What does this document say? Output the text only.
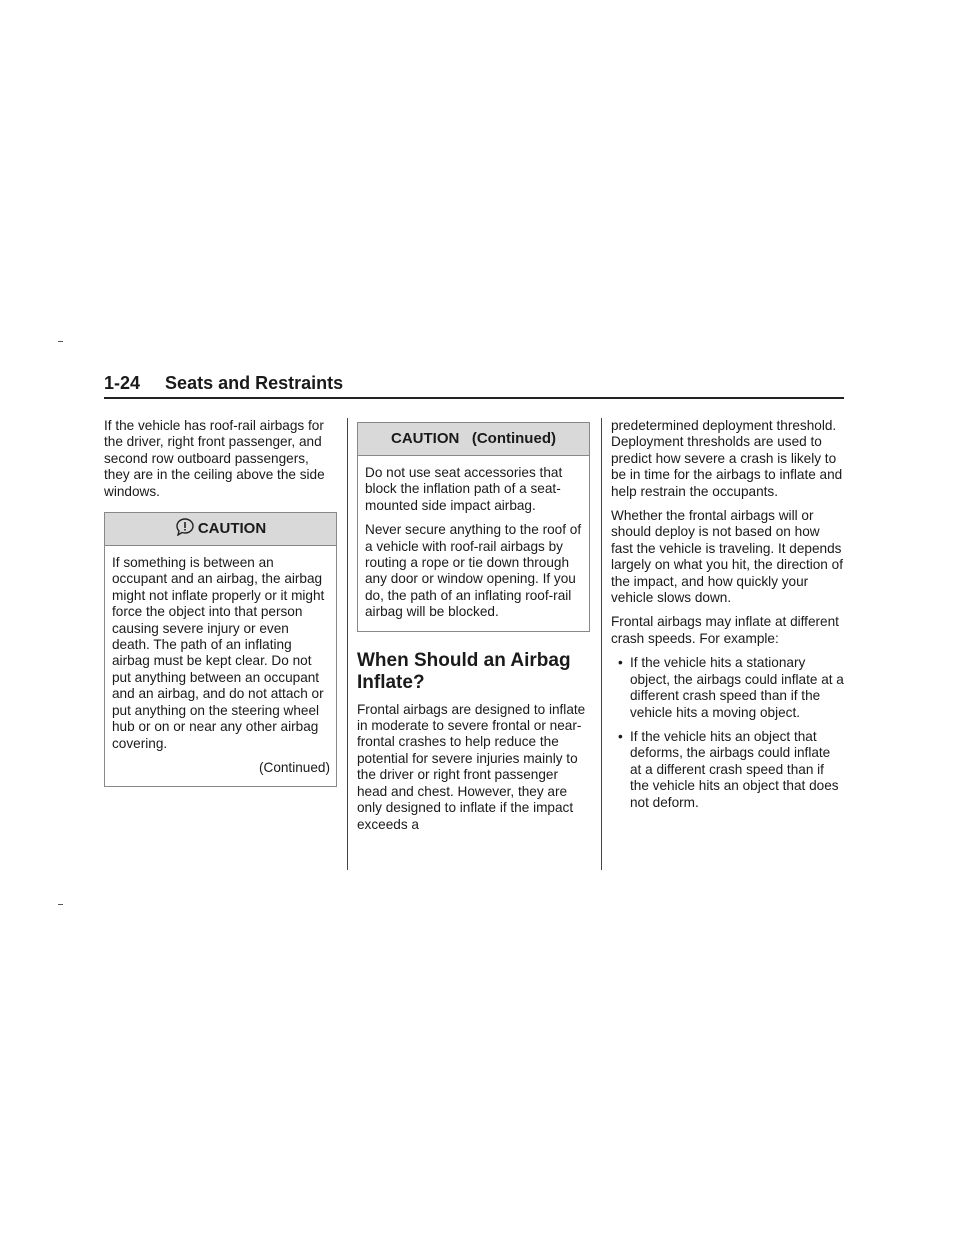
1-24 Seats and Restraints

If the vehicle has roof-rail airbags for the driver, right front passenger, and second row outboard passengers, they are in the ceiling above the side windows.

CAUTION

If something is between an occupant and an airbag, the airbag might not inflate properly or it might force the object into that person causing severe injury or even death. The path of an inflating airbag must be kept clear. Do not put anything between an occupant and an airbag, and do not attach or put anything on the steering wheel hub or on or near any other airbag covering.

(Continued)
CAUTION   (Continued)

Do not use seat accessories that block the inflation path of a seat-mounted side impact airbag.

Never secure anything to the roof of a vehicle with roof-rail airbags by routing a rope or tie down through any door or window opening. If you do, the path of an inflating roof-rail airbag will be blocked.

When Should an Airbag Inflate?

Frontal airbags are designed to inflate in moderate to severe frontal or near-frontal crashes to help reduce the potential for severe injuries mainly to the driver or right front passenger head and chest. However, they are only designed to inflate if the impact exceeds a

predetermined deployment threshold. Deployment thresholds are used to predict how severe a crash is likely to be in time for the airbags to inflate and help restrain the occupants.

Whether the frontal airbags will or should deploy is not based on how fast the vehicle is traveling. It depends largely on what you hit, the direction of the impact, and how quickly your vehicle slows down.

Frontal airbags may inflate at different crash speeds. For example:

• If the vehicle hits a stationary object, the airbags could inflate at a different crash speed than if the vehicle hits a moving object.
• If the vehicle hits an object that deforms, the airbags could inflate at a different crash speed than if the vehicle hits an object that does not deform.
